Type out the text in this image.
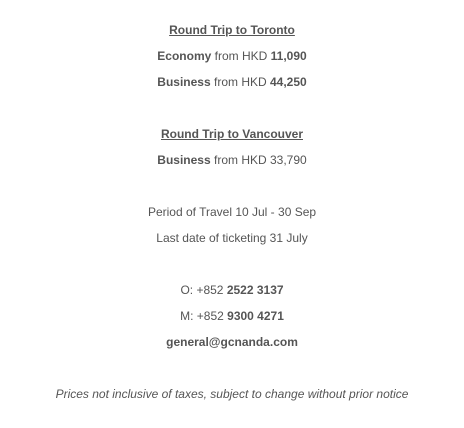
Round Trip to Toronto
Economy from HKD 11,090
Business from HKD 44,250
Round Trip to Vancouver
Business from HKD 33,790
Period of Travel 10 Jul - 30 Sep
Last date of ticketing 31 July
O: +852 2522 3137
M: +852 9300 4271
general@gcnanda.com
Prices not inclusive of taxes, subject to change without prior notice
